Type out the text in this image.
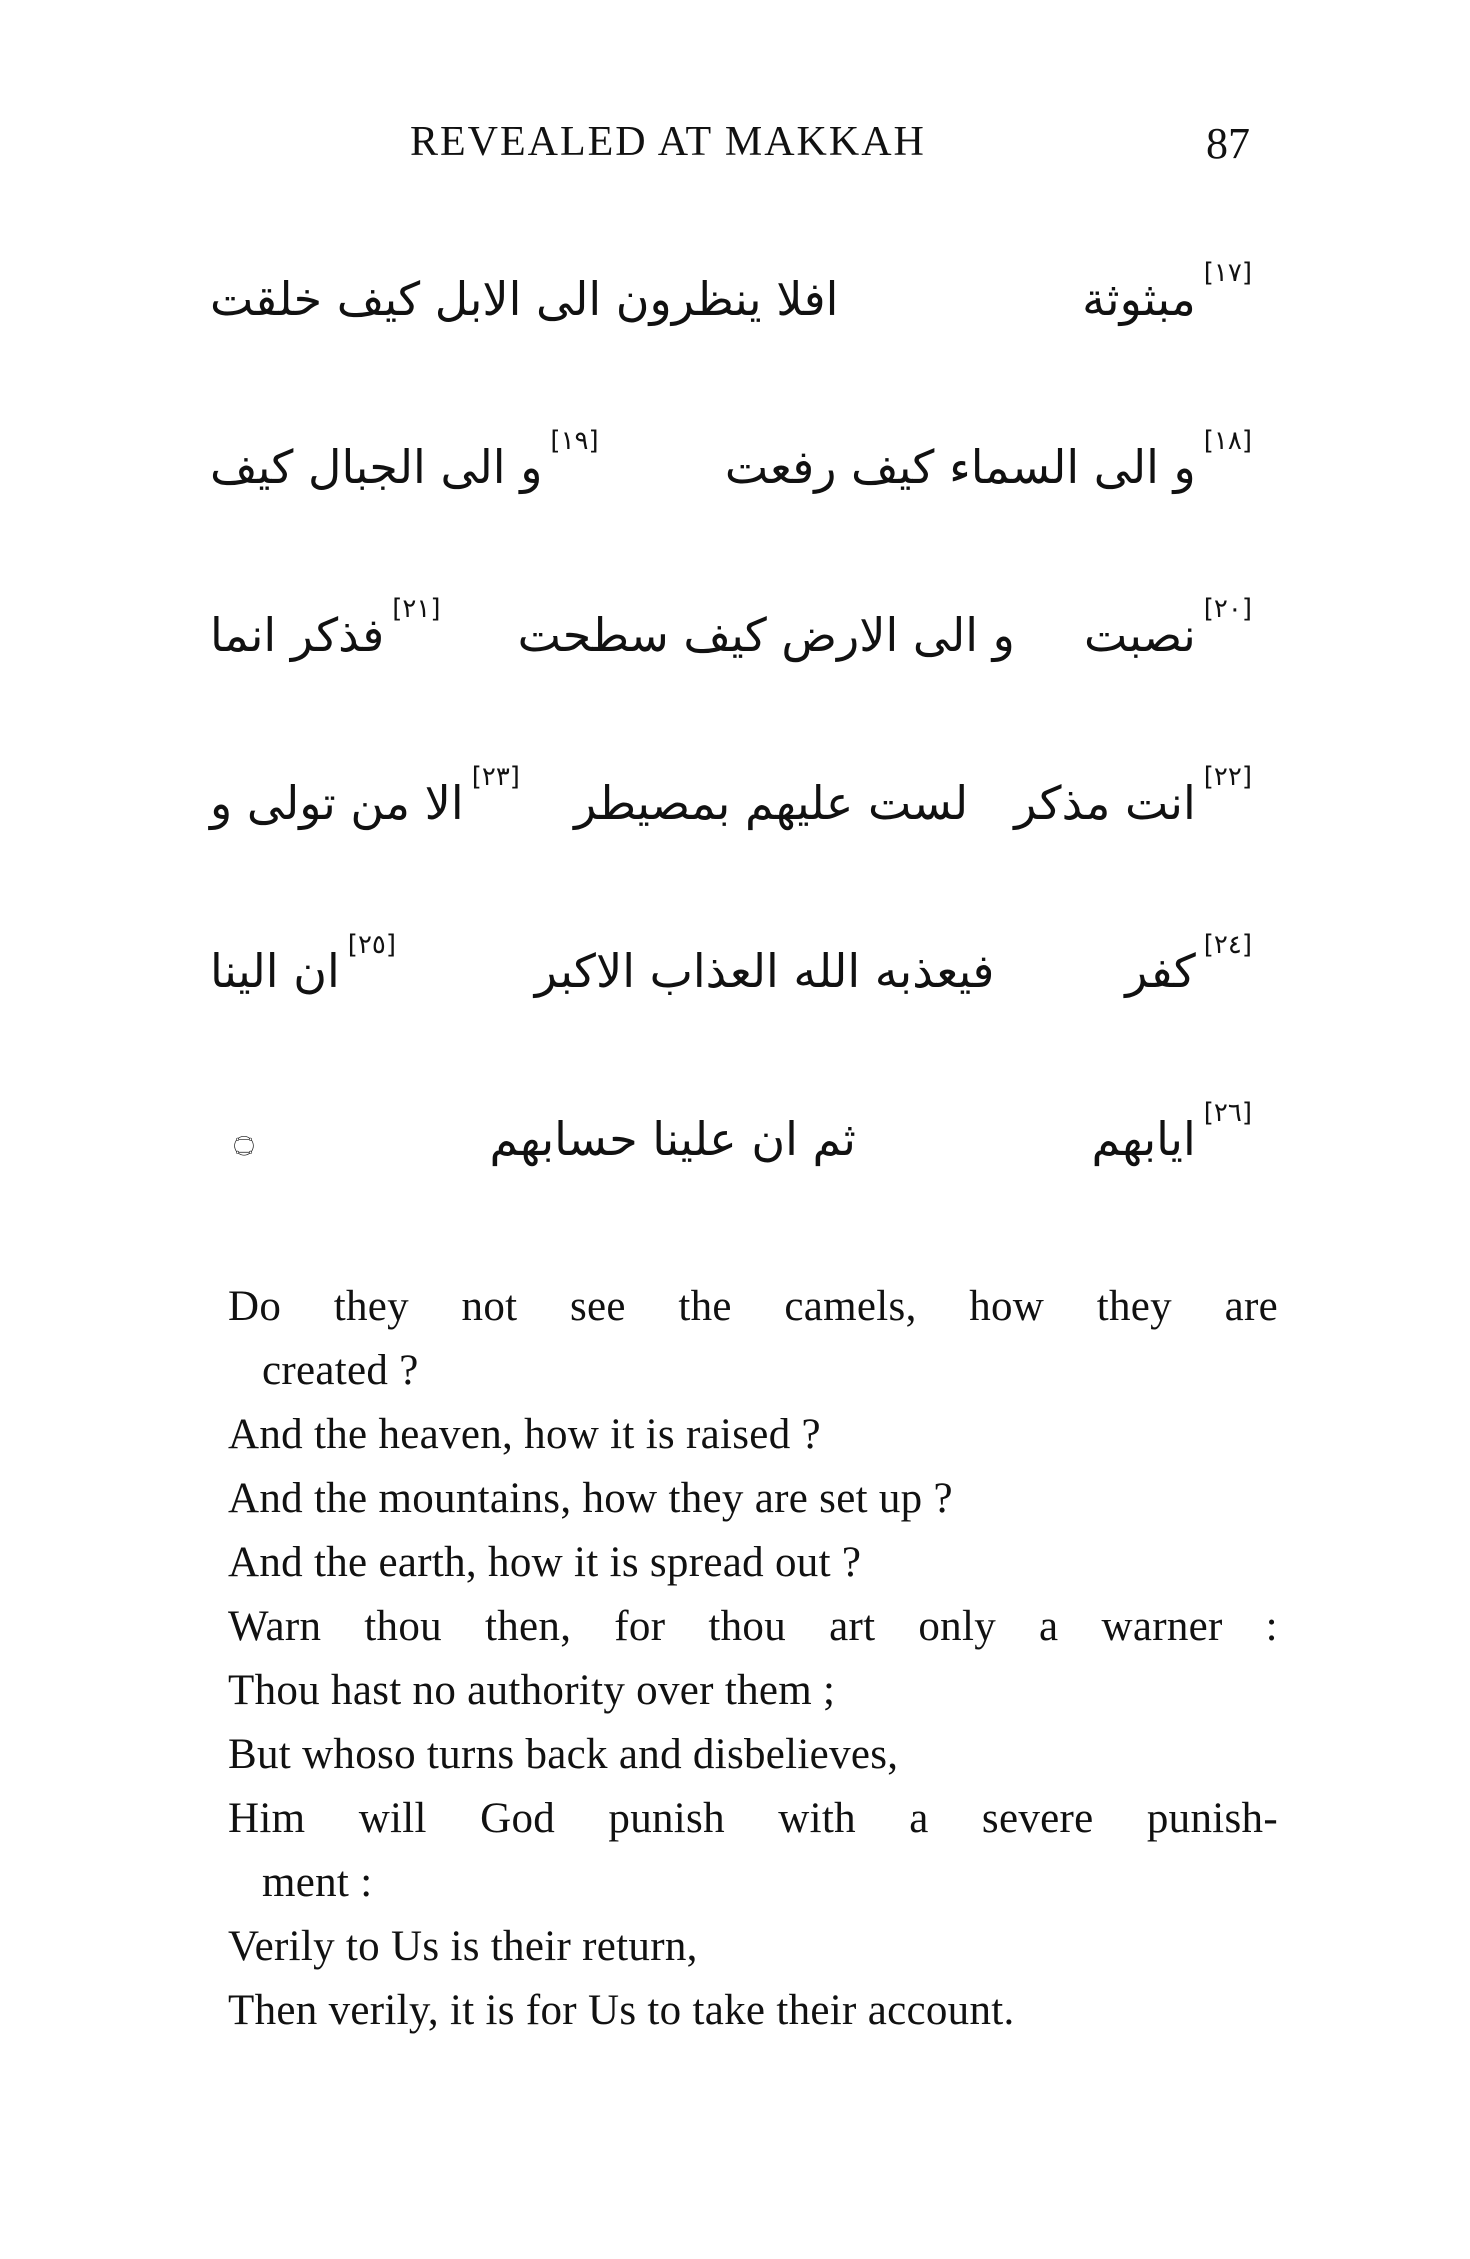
REVEALED AT MAKKAH	87
[١٧]
مبثوثة
افلا ينظرون الى الابل كيف خلقت
[١٨]
و الى السماء كيف رفعت
[١٩]
و الى الجبال كيف
[٢٠]
نصبت
و الى الارض كيف سطحت
[٢١]
فذكر انما
[٢٢]
انت مذكر
لست عليهم بمصيطر
[٢٣]
الا من تولى و
[٢٤]
كفر
فيعذبه الله العذاب الاكبر
[٢٥]
ان الينا
[٢٦]
ايابهم
ثم ان علينا حسابهم
۝
Do they not see the camels, how they are
created ?
And the heaven, how it is raised ?
And the mountains, how they are set up ?
And the earth, how it is spread out ?
Warn thou then, for thou art only a warner :
Thou hast no authority over them ;
But whoso turns back and disbelieves,
Him will God punish with a severe punish-
ment :
Verily to Us is their return,
Then verily, it is for Us to take their account.
